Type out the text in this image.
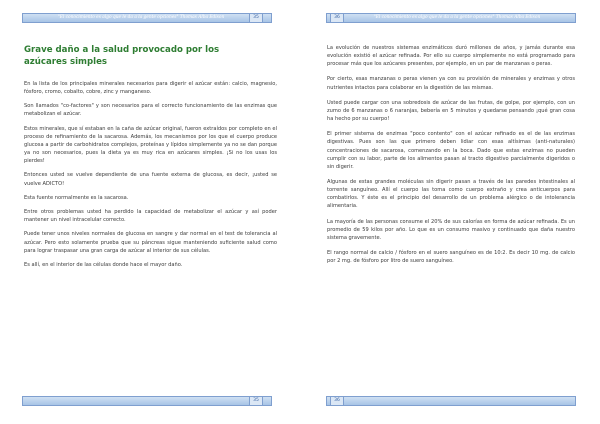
"El conocimiento es algo que le da a la gente opciones" Thomas Alba Edison	35
Grave daño a la salud provocado por los
azúcares simples

En la lista de los principales minerales necesarios para digerir el azúcar están: calcio, magnesio, fósforo, cromo, cobalto, cobre, zinc y manganeso.

Son llamados "co-factores" y son necesarios para el correcto funcionamiento de las enzimas que metabolizan el azúcar.

Estos minerales, que sí estaban en la caña de azúcar original, fueron extraídos por completo en el proceso de refinamiento de la sacarosa. Además, los mecanismos por los que el cuerpo produce glucosa a partir de carbohidratos complejos, proteínas y lípidos simplemente ya no se dan porque ya no son necesarios, pues la dieta ya es muy rica en azúcares simples. ¡Si no los usas los pierdes!

Entonces usted se vuelve dependiente de una fuente externa de glucosa, es decir, ¡usted se vuelve ADICTO!

Esta fuente normalmente es la sacarosa.

Entre otros problemas usted ha perdido la capacidad de metabolizar el azúcar y así poder mantener un nivel intracelular correcto.

Puede tener unos niveles normales de glucosa en sangre y dar normal en el test de tolerancia al azúcar. Pero esto solamente prueba que su páncreas sigue manteniendo suficiente salud como para lograr traspasar una gran carga de azúcar al interior de sus células.

Es allí, en el interior de las células donde hace el mayor daño.

35
36	"El conocimiento es algo que le da a la gente opciones" Thomas Alba Edison

La evolución de nuestros sistemas enzimáticos duró millones de años, y jamás durante esa evolución existió el azúcar refinada. Por ello su cuerpo simplemente no está programado para procesar más que los azúcares presentes, por ejemplo, en un par de manzanas o peras.

Por cierto, esas manzanas o peras vienen ya con su provisión de minerales y enzimas y otros nutrientes intactos para colaborar en la digestión de las mismas.

Usted puede cargar con una sobredosis de azúcar de las frutas, de golpe, por ejemplo, con un zumo de 6 manzanas o 6 naranjas, bebería en 5 minutos y quedarse pensando ¡qué gran cosa ha hecho por su cuerpo!

El primer sistema de enzimas "poco contento" con el azúcar refinado es el de las enzimas digestivas. Pues son las que primero deben lidiar con esas altísimas (anti-naturales) concentraciones de sacarosa, comenzando en la boca. Dado que estas enzimas no pueden cumplir con su labor, parte de los alimentos pasan al tracto digestivo parcialmente digeridos o sin digerir.

Algunas de estas grandes moléculas sin digerir pasan a través de las paredes intestinales al torrente sanguíneo. Allí el cuerpo las toma como cuerpo extraño y crea anticuerpos para combatirlos. Y éste es el principio del desarrollo de un problema alérgico o de intolerancia alimentaria.

La mayoría de las personas consume el 20% de sus calorías en forma de azúcar refinada. Es un promedio de 59 kilos por año. Lo que es un consumo masivo y continuado que daña nuestro sistema gravemente.

El rango normal de calcio / fósforo en el suero sanguíneo es de 10:2. Es decir 10 mg. de calcio por 2 mg. de fósforo por litro de suero sanguíneo.

36
